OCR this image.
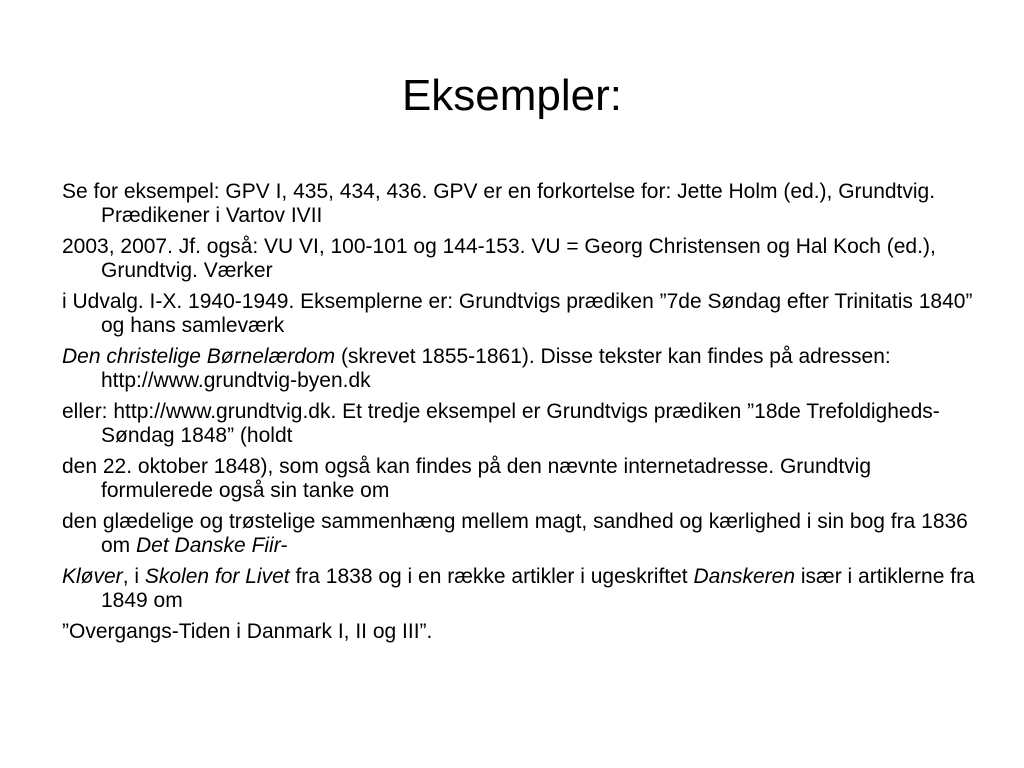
Eksempler:
Se for eksempel: GPV I, 435, 434, 436. GPV er en forkortelse for: Jette Holm (ed.), Grundtvig. Prædikener i Vartov IVII
2003, 2007. Jf. også: VU VI, 100-101 og 144-153. VU = Georg Christensen og Hal Koch (ed.), Grundtvig. Værker
i Udvalg. I-X. 1940-1949. Eksemplerne er: Grundtvigs prædiken ”7de Søndag efter Trinitatis 1840” og hans samleværk
Den christelige Børnelærdom (skrevet 1855-1861). Disse tekster kan findes på adressen: http://www.grundtvig-byen.dk
eller: http://www.grundtvig.dk. Et tredje eksempel er Grundtvigs prædiken ”18de Trefoldigheds-Søndag 1848” (holdt
den 22. oktober 1848), som også kan findes på den nævnte internetadresse. Grundtvig formulerede også sin tanke om
den glædelige og trøstelige sammenhæng mellem magt, sandhed og kærlighed i sin bog fra 1836 om Det Danske Fiir-
Kløver, i Skolen for Livet fra 1838 og i en række artikler i ugeskriftet Danskeren især i artiklerne fra 1849 om
”Overgangs-Tiden i Danmark I, II og III”.
